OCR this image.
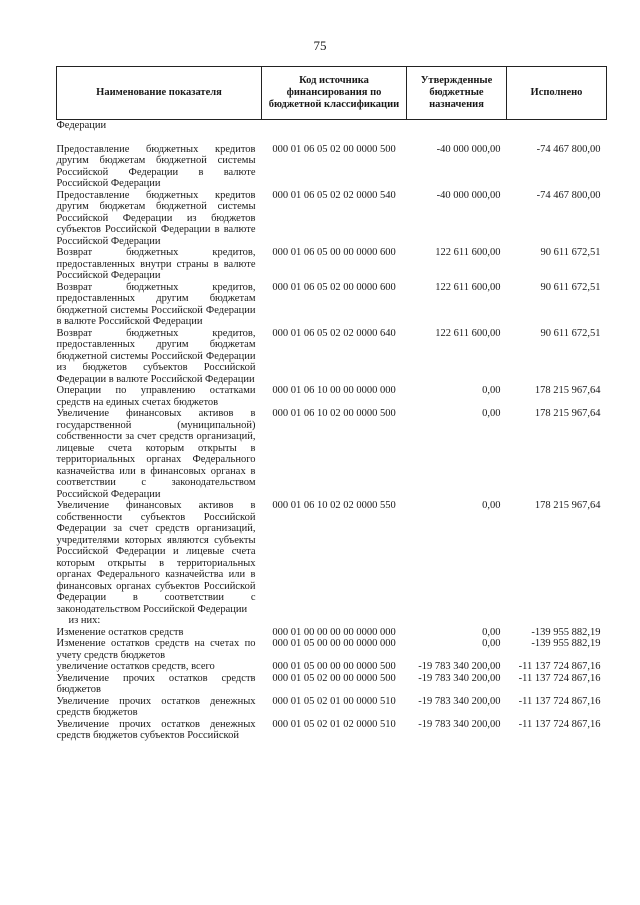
75
Наименование показателя	Код источника финансирования по бюджетной классификации	Утвержденные бюджетные назначения	Исполнено
Федерации			

Предоставление бюджетных кредитов другим бюджетам бюджетной системы Российской Федерации в валюте Российской Федерации	000 01 06 05 02 00 0000 500	-40 000 000,00	-74 467 800,00
Предоставление бюджетных кредитов другим бюджетам бюджетной системы Российской Федерации из бюджетов субъектов Российской Федерации в валюте Российской Федерации	000 01 06 05 02 02 0000 540	-40 000 000,00	-74 467 800,00
Возврат бюджетных кредитов, предоставленных внутри страны в валюте Российской Федерации	000 01 06 05 00 00 0000 600	122 611 600,00	90 611 672,51
Возврат бюджетных кредитов, предоставленных другим бюджетам бюджетной системы Российской Федерации в валюте Российской Федерации	000 01 06 05 02 00 0000 600	122 611 600,00	90 611 672,51
Возврат бюджетных кредитов, предоставленных другим бюджетам бюджетной системы Российской Федерации из бюджетов субъектов Российской Федерации в валюте Российской Федерации	000 01 06 05 02 02 0000 640	122 611 600,00	90 611 672,51
Операции по управлению остатками средств на единых счетах бюджетов	000 01 06 10 00 00 0000 000	0,00	178 215 967,64
Увеличение финансовых активов в государственной (муниципальной) собственности за счет средств организаций, лицевые счета которым открыты в территориальных органах Федерального казначейства или в финансовых органах в соответствии с законодательством Российской Федерации	000 01 06 10 02 00 0000 500	0,00	178 215 967,64
Увеличение финансовых активов в собственности субъектов Российской Федерации за счет средств организаций, учредителями которых являются субъекты Российской Федерации и лицевые счета которым открыты в территориальных органах Федерального казначейства или в финансовых органах субъектов Российской Федерации в соответствии с законодательством Российской Федерации	000 01 06 10 02 02 0000 550	0,00	178 215 967,64
из них:			
Изменение остатков средств	000 01 00 00 00 00 0000 000	0,00	-139 955 882,19
Изменение остатков средств на счетах по учету средств бюджетов	000 01 05 00 00 00 0000 000	0,00	-139 955 882,19
увеличение остатков средств, всего	000 01 05 00 00 00 0000 500	-19 783 340 200,00	-11 137 724 867,16
Увеличение прочих остатков средств бюджетов	000 01 05 02 00 00 0000 500	-19 783 340 200,00	-11 137 724 867,16
Увеличение прочих остатков денежных средств бюджетов	000 01 05 02 01 00 0000 510	-19 783 340 200,00	-11 137 724 867,16
Увеличение прочих остатков денежных средств бюджетов субъектов Российской	000 01 05 02 01 02 0000 510	-19 783 340 200,00	-11 137 724 867,16
